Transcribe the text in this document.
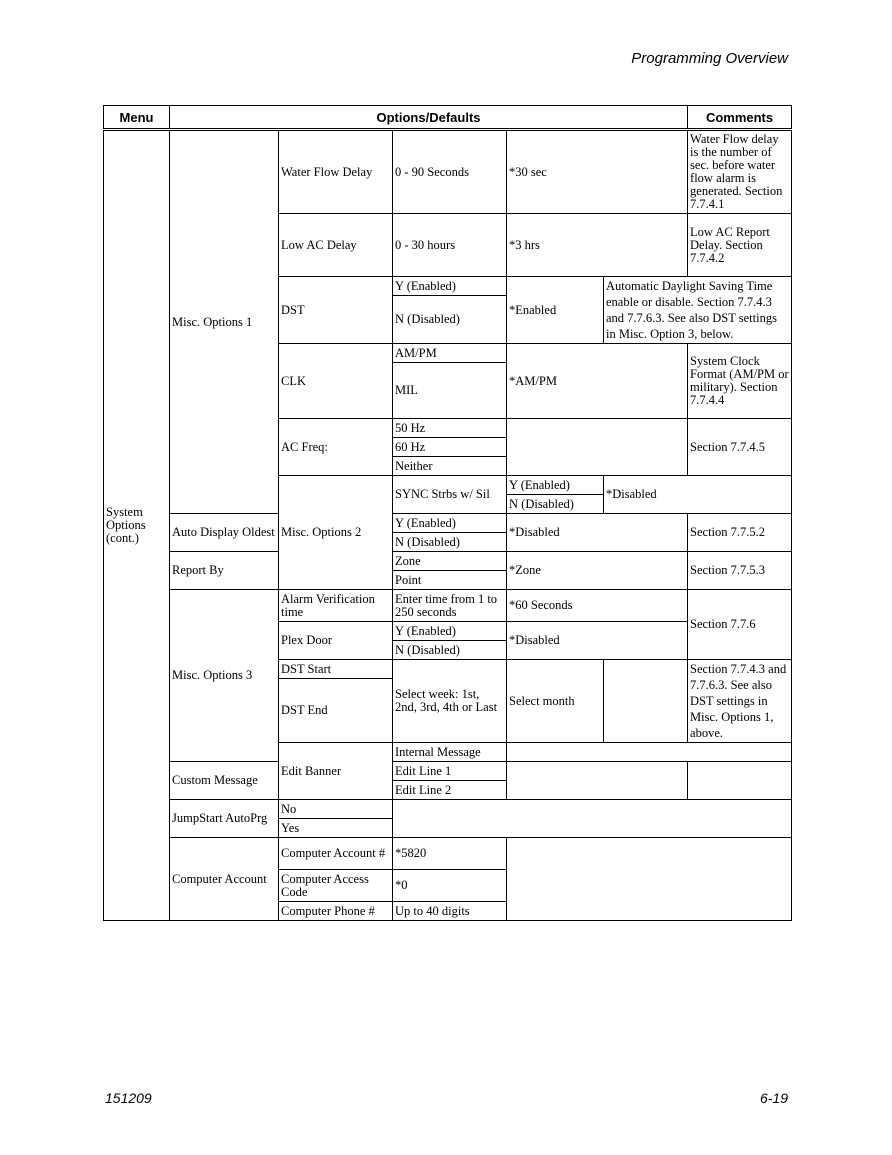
Programming Overview
Menu	Options/Defaults					Comments	
System Options (cont.)	Misc. Options 1	Water Flow Delay	0 - 90 Seconds	*30 sec		Water Flow delay is the number of sec. before water flow alarm is generated. Section 7.7.4.1	
		Low AC Delay	0 - 30 hours	*3 hrs		Low AC Report Delay. Section 7.7.4.2	
		DST	Y (Enabled)	*Enabled	Automatic Daylight Saving Time enable or disable. Section 7.7.4.3 and 7.7.6.3. See also DST settings in Misc. Option 3, below.		
			N (Disabled)				
		CLK	AM/PM	*AM/PM		System Clock Format (AM/PM or military). Section 7.7.4.4	
			MIL				
		AC Freq:	50 Hz			Section 7.7.4.5	
			60 Hz				
			Neither				
		Misc. Options 2	SYNC Strbs w/ Sil	Y (Enabled)	*Disabled	
				N (Disabled)			
	Auto Display Oldest		Y (Enabled)	*Disabled		Section 7.7.5.2	
			N (Disabled)				
	Report By		Zone	*Zone		Section 7.7.5.3	
			Point				
	Misc. Options 3	Alarm Verification time	Enter time from 1 to 250 seconds	*60 Seconds		Section 7.7.6	
		Plex Door	Y (Enabled)	*Disabled			
			N (Disabled)				
		DST Start	Select week: 1st, 2nd, 3rd, 4th or Last	Select month		Section 7.7.4.3 and 7.7.6.3. See also DST settings in Misc. Options 1, above.	
		DST End					
		Edit Banner	Internal Message		
	Custom Message		Edit Line 1				
			Edit Line 2				
	JumpStart AutoPrg	No		
		Yes					
	Computer Account	Computer Account #	*5820		
		Computer Access Code	*0				
		Computer Phone #	Up to 40 digits				
151209	6-19
